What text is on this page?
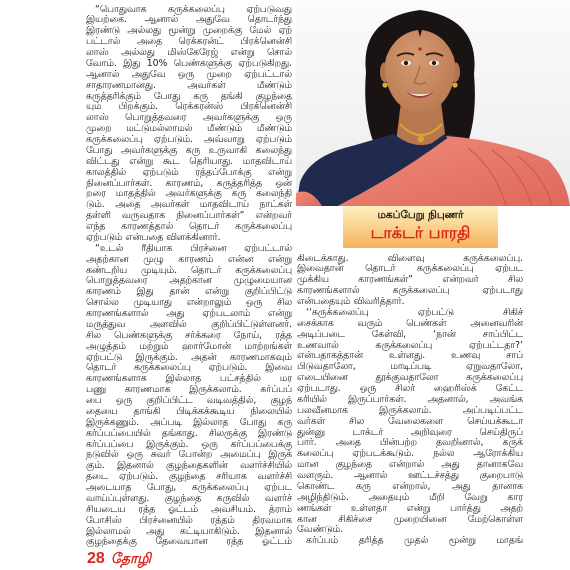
“பொதுவாக கருக்கலைப்பு ஏற்படுவது
இயற்கை. ஆனால் அதுவே தொடர்ந்து
இரண்டு அல்லது மூன்று முறைக்கு மேல் ஏற்
பட்டால் அதை ரெக்கரன்ட் பிரக்னென்சி
லாஸ் அல்லது மிஸ்கேரேஜ் என்று சொல்
வோம். இது 10% பெண்களுக்கு ஏற்படுகிறது.
ஆனால் அதுவே ஒரு முறை ஏற்பட்டால்
சாதாரணமானது. அவர்கள் மீண்டும்
கருத்தரிக்கும் போது கரு தங்கி குழந்தை
யும் பிறக்கும். ரெக்கரன்ஸ் பிரக்னென்சி
லாஸ் பொறுத்தவரை அவர்களுக்கு ஒரு
முறை மட்டுமல்லாமல் மீண்டும் மீண்டும்
கருக்கலைப்பு ஏற்படும். அவ்வாறு ஏற்படும்
போது அவர்களுக்கு கரு உருவாகி கலைந்து
விட்டது என்று கூட தெரியாது. மாதவிடாய்
காலத்தில் ஏற்படும் ரத்தப்போக்கு என்று
நினைப்பார்கள். காரணம், கருத்தரித்த ஒன்
றரை மாதத்தில் அவர்களுக்கு கரு கலைந்தி
டும். அதை அவர்கள் மாதவிடாய் நாட்கள்
தள்ளி வருவதாக நினைப்பார்கள்” என்றவர்
எந்த காரணத்தால் தொடர் கருக்கலைப்பு
ஏற்படும் என்பதை விளக்கினார்.
“உடல் ரீதியாக பிரச்னை ஏற்பட்டால்
அதற்கான முழு காரணம் என்ன என்று
கண்டறிய முடியும். தொடர் கருக்கலைப்பு
பொறுத்தவரை அதற்கான முழுமையான
காரணம் இது தான் என்று குறிப்பிட்டு
சொல்ல முடியாது என்றாலும் ஒரு சில
காரணங்களால் அது ஏற்படலாம் என்று
மருத்துவ அளவில் குறிப்பிட்டுள்ளனர்.
சில பெண்களுக்கு சர்க்கரை நோய், ரத்த
அழுத்தம் மற்றும் ஹார்மோன் மாற்றங்கள்
ஏற்பட்டு இருக்கும். அதன் காரணமாகவும்
தொடர் கருக்கலைப்பு ஏற்படும். இவை
காரணங்களாக இல்லாத பட்சத்தில் மர
பணு காரணமாக இருக்கலாம். கர்ப்பப்
பை ஒரு குறிப்பிட்ட வடிவத்தில், குழந்
தையை தாங்கி பிடிக்கக்கூடிய நிலையில்
இருக்கணும். அப்படி இல்லாத போது கரு
கர்ப்பப்பையில் தங்காது. சிலருக்கு இரண்டு
கர்ப்பப்பை இருக்கும். ஒரு கர்ப்பப்பைக்கு
நடுவில் ஒரு சுவர் போன்ற அமைப்பு இருக்
கும். இதனால் குழந்தைகளின் வளர்ச்சியில்
தடை ஏற்படும். குழந்தை சரியாக வளர்ச்சி
அடையாத போது, கருக்கலைப்பு ஏற்பட
வாய்ப்புள்ளது. குழந்தை கருவில் வளர்ச்
சியடைய ரத்த ஓட்டம் அவசியம். த்ராம்
போசிஸ் பிரச்னையில் ரத்தம் திரவமாக
இல்லாமல் அது கட்டியாகிடும். இதனால்
குழந்தைக்கு தேவையான ரத்த ஓட்டம்
மகப்பேறு நிபுணர்
டாக்டர் பாரதி
கிடைக்காது. விளைவு கருக்கலைப்பு.
இவைதான் தொடர் கருக்கலைப்பு ஏற்பட
முக்கிய காரணங்கள்” என்றவர் சில
காரணங்களால் கருக்கலைப்பு ஏற்படாது
என்பதையும் விவரித்தார்.
‘‘கருக்கலைப்பு ஏற்பட்டு சிகிச்
சைக்காக வரும் பெண்கள் அனைவரின்
அடிப்படை கேள்வி, ‘நான் சாப்பிட்ட
உணவால் கருக்கலைப்பு ஏற்பட்டதா?’
என்பதாகத்தான் உள்ளது. உணவு சாப்
பிடுவதாலோ, மாடிப்படி ஏறுவதாலோ,
எடையினை தூக்குவதாலோ கருக்கலைப்பு
ஏற்படாது. ஒரு சிலர் ஹைரிஸ்க் கேட்ட
கரியில் இருப்பார்கள். அதனால், அவங்க
பலவீனமாக இருக்கலாம். அப்படிப்பட்ட
வர்கள் சில வேலைகளை செய்யக்கூடா
துன்னு டாக்டர் அறிவுரை செய்திருப்
பார். அதை பின்பற்ற தவறினால், கருக்
கலைப்பு ஏற்படக்கூடும். நல்ல ஆரோக்கிய
மான குழந்தை என்றால் அது தானாகவே
வளரும். ஆனால் ஊட்டச்சத்து குறைபாடு
கொண்ட கரு என்றால், அது தானாக
அழிந்திடும். அதையும் மீறி வேறு கார
ணங்கள் உள்ளதா என்று பார்த்து அதற்
கான சிகிச்சை முறையினை மேற்கொள்ள
வேண்டும்.
கர்ப்பம் தரித்த முதல் மூன்று மாதங்
28 தோழி
